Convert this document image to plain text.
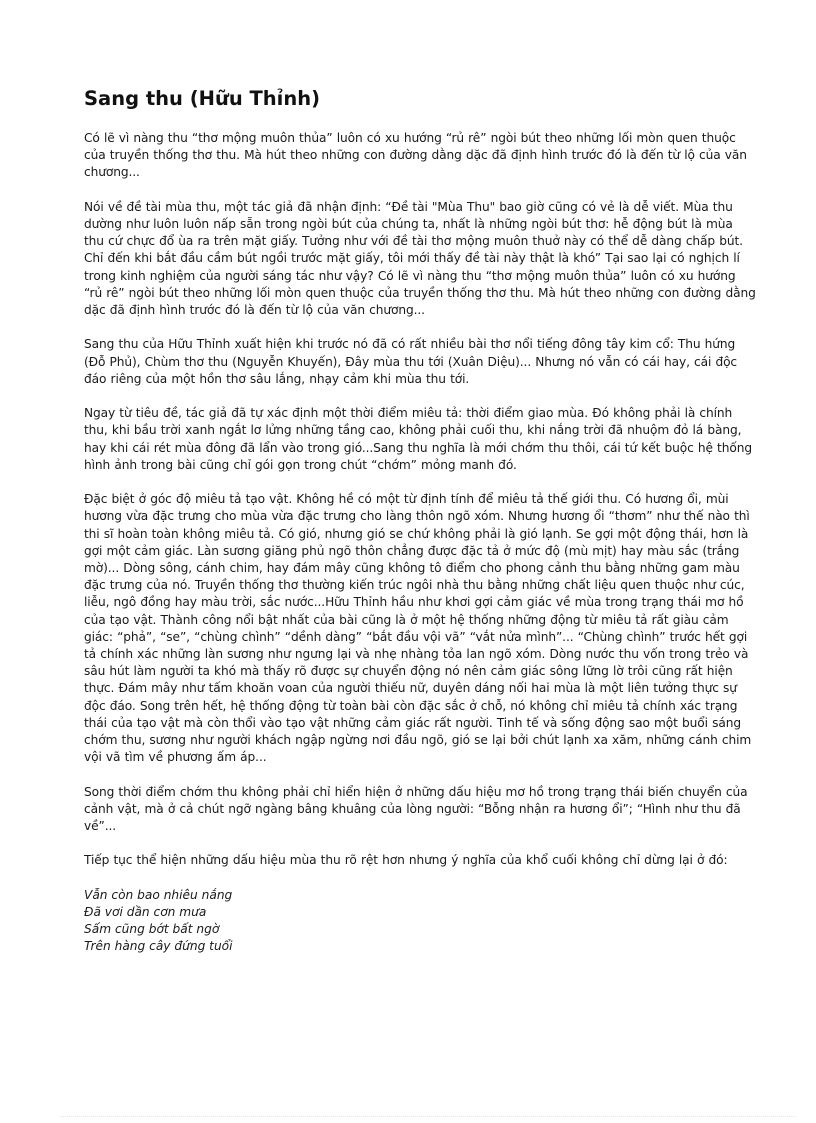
Sang thu (Hữu Thỉnh)

Có lẽ vì nàng thu “thơ mộng muôn thủa” luôn có xu hướng “rủ rê” ngòi bút theo những lối mòn quen thuộc của truyền thống thơ thu. Mà hút theo những con đường dằng dặc đã định hình trước đó là đến từ lộ của văn chương...

Nói về đề tài mùa thu, một tác giả đã nhận định: “Đề tài "Mùa Thu" bao giờ cũng có vẻ là dễ viết. Mùa thu dường như luôn luôn nấp sẵn trong ngòi bút của chúng ta, nhất là những ngòi bút thơ: hễ động bút là mùa thu cứ chực đổ ùa ra trên mặt giấy. Tưởng như với đề tài thơ mộng muôn thuở này có thể dễ dàng chấp bút. Chỉ đến khi bắt đầu cầm bút ngồi trước mặt giấy, tôi mới thấy đề tài này thật là khó” Tại sao lại có nghịch lí trong kinh nghiệm của người sáng tác như vậy? Có lẽ vì nàng thu “thơ mộng muôn thủa” luôn có xu hướng “rủ rê” ngòi bút theo những lối mòn quen thuộc của truyền thống thơ thu. Mà hút theo những con đường dằng dặc đã định hình trước đó là đến từ lộ của văn chương...

Sang thu của Hữu Thỉnh xuất hiện khi trước nó đã có rất nhiều bài thơ nổi tiếng đông tây kim cổ: Thu hứng (Đỗ Phủ), Chùm thơ thu (Nguyễn Khuyến), Đây mùa thu tới (Xuân Diệu)... Nhưng nó vẫn có cái hay, cái độc đáo riêng của một hồn thơ sâu lắng, nhạy cảm khi mùa thu tới.

Ngay từ tiêu đề, tác giả đã tự xác định một thời điểm miêu tả: thời điểm giao mùa. Đó không phải là chính thu, khi bầu trời xanh ngắt lơ lửng những tầng cao, không phải cuối thu, khi nắng trời đã nhuộm đỏ lá bàng, hay khi cái rét mùa đông đã lẩn vào trong gió...Sang thu nghĩa là mới chớm thu thôi, cái tứ kết buộc hệ thống hình ảnh trong bài cũng chỉ gói gọn trong chút “chớm” mỏng manh đó.

Đặc biệt ở góc độ miêu tả tạo vật. Không hề có một từ định tính để miêu tả thế giới thu. Có hương ổi, mùi hương vừa đặc trưng cho mùa vừa đặc trưng cho làng thôn ngõ xóm. Nhưng hương ổi “thơm” như thế nào thì thi sĩ hoàn toàn không miêu tả. Có gió, nhưng gió se chứ không phải là gió lạnh. Se gợi một động thái, hơn là gợi một cảm giác. Làn sương giăng phủ ngõ thôn chẳng được đặc tả ở mức độ (mù mịt) hay màu sắc (trắng mờ)... Dòng sông, cánh chim, hay đám mây cũng không tô điểm cho phong cảnh thu bằng những gam màu đặc trưng của nó. Truyền thống thơ thường kiến trúc ngôi nhà thu bằng những chất liệu quen thuộc như cúc, liễu, ngô đồng hay màu trời, sắc nước...Hữu Thỉnh hầu như khơi gợi cảm giác về mùa trong trạng thái mơ hồ của tạo vật. Thành công nổi bật nhất của bài cũng là ở một hệ thống những động từ miêu tả rất giàu cảm giác: “phả”, “se”, “chùng chình” “dềnh dàng” “bắt đầu vội vã” “vắt nửa mình”... “Chùng chình” trước hết gợi tả chính xác những làn sương như ngưng lại và nhẹ nhàng tỏa lan ngõ xóm. Dòng nước thu vốn trong trẻo và sâu hút làm người ta khó mà thấy rõ được sự chuyển động nó nên cảm giác sông lững lờ trôi cũng rất hiện thực. Đám mây như tấm khoăn voan của người thiếu nữ, duyên dáng nối hai mùa là một liên tưởng thực sự độc đáo. Song trên hết, hệ thống động từ toàn bài còn đặc sắc ở chỗ, nó không chỉ miêu tả chính xác trạng thái của tạo vật mà còn thổi vào tạo vật những cảm giác rất người. Tinh tế và sống động sao một buổi sáng chớm thu, sương như người khách ngập ngừng nơi đầu ngõ, gió se lại bởi chút lạnh xa xăm, những cánh chim vội vã tìm về phương ấm áp...

Song thời điểm chớm thu không phải chỉ hiển hiện ở những dấu hiệu mơ hồ trong trạng thái biến chuyển của cảnh vật, mà ở cả chút ngỡ ngàng bâng khuâng của lòng người: “Bỗng nhận ra hương ổi”; “Hình như thu đã về”...

Tiếp tục thể hiện những dấu hiệu mùa thu rõ rệt hơn nhưng ý nghĩa của khổ cuối không chỉ dừng lại ở đó:

Vẫn còn bao nhiêu nắng
Đã vơi dần cơn mưa
Sấm cũng bớt bất ngờ
Trên hàng cây đứng tuổi
